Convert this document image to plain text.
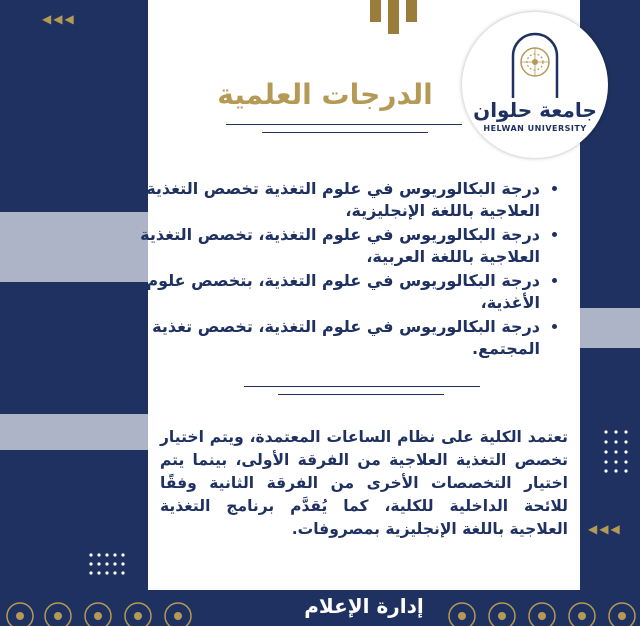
◀◀◀
◀◀◀
الدرجات العلمية
• درجة البكالوريوس في علوم التغذية تخصص التغذية العلاجية باللغة الإنجليزية،
• درجة البكالوريوس في علوم التغذية، تخصص التغذية العلاجية باللغة العربية،
• درجة البكالوريوس في علوم التغذية، بتخصص علوم الأغذية،
• درجة البكالوريوس في علوم التغذية، تخصص تغذية المجتمع.
تعتمد الكلية على نظام الساعات المعتمدة، ويتم اختيار تخصص التغذية العلاجية من الفرقة الأولى، بينما يتم اختيار التخصصات الأخرى من الفرقة الثانية وفقًا للائحة الداخلية للكلية، كما يُقدَّم برنامج التغذية العلاجية باللغة الإنجليزية بمصروفات.
جامعة حلوان
HELWAN UNIVERSITY
إدارة الإعلام
